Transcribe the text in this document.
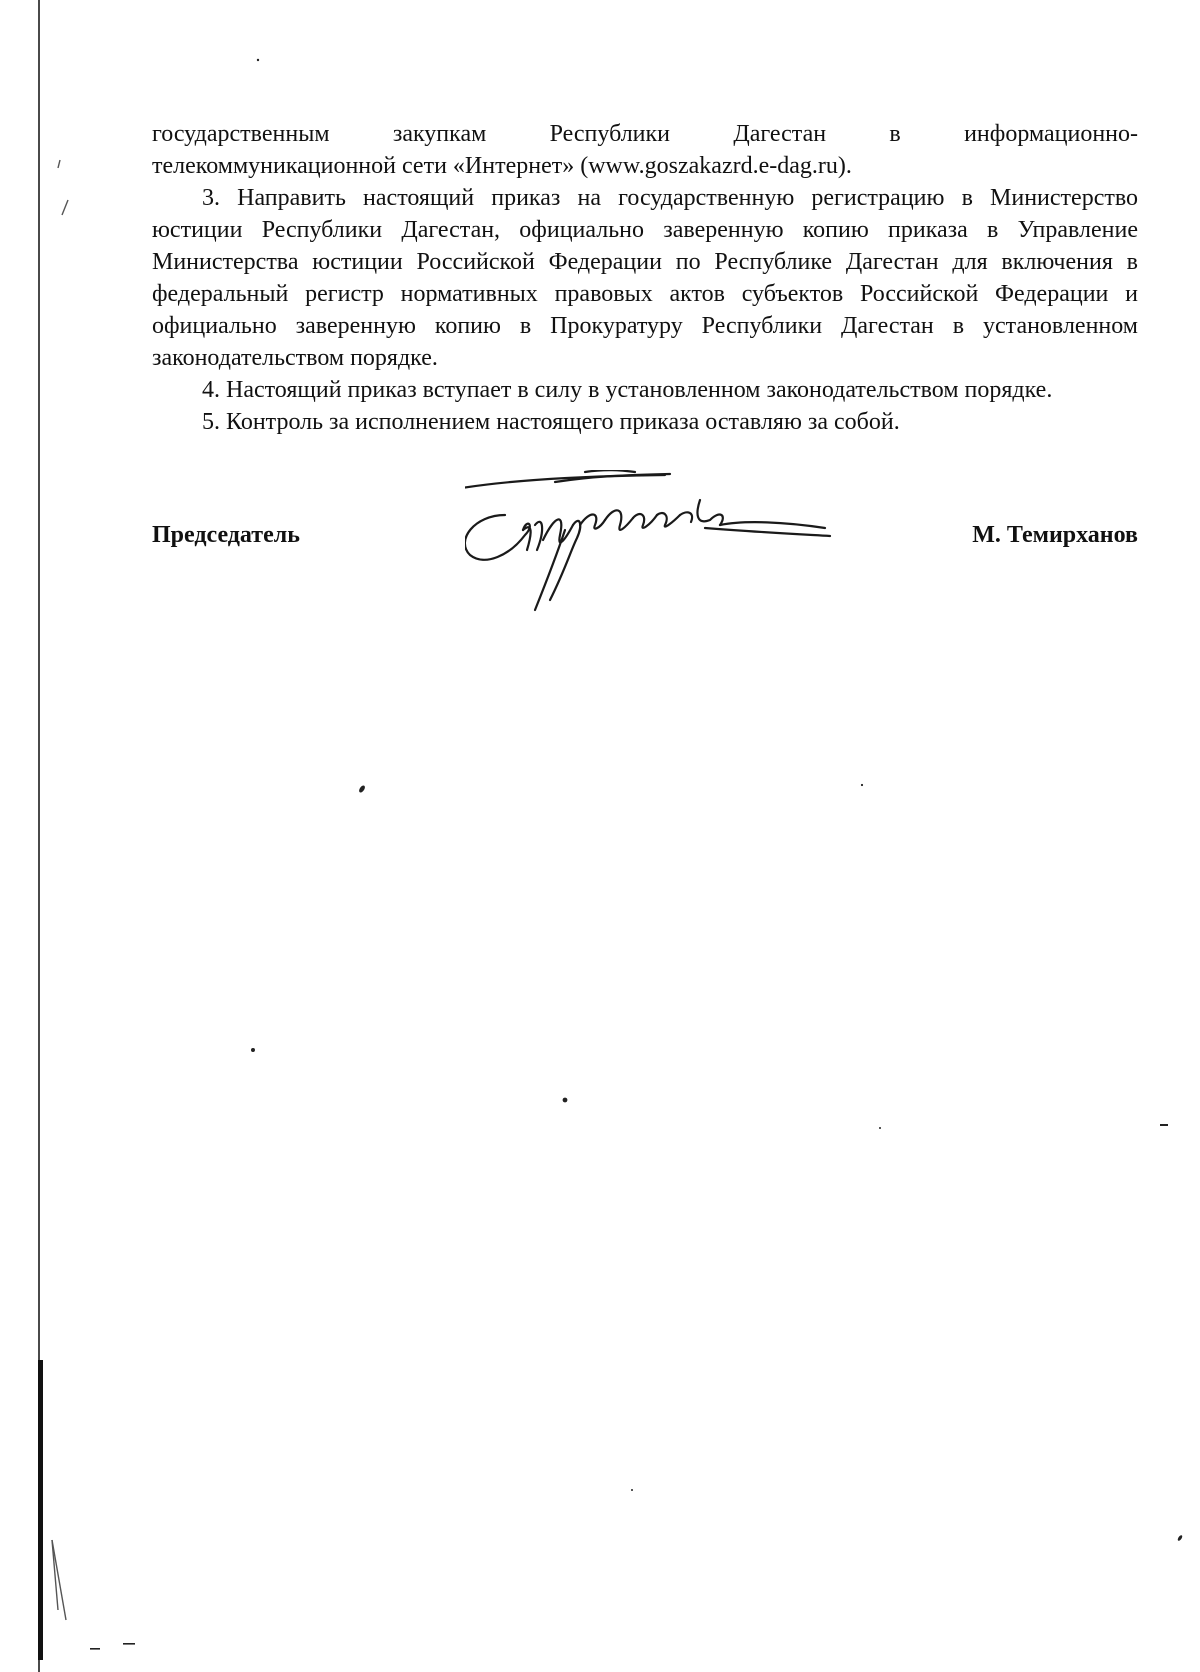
государственным закупкам Республики Дагестан в информационно-

телекоммуникационной сети «Интернет» (www.goszakazrd.e-dag.ru).

3. Направить настоящий приказ на государственную регистрацию в Министерство юстиции Республики Дагестан, официально заверенную копию приказа в Управление Министерства юстиции Российской Федерации по Республике Дагестан для включения в федеральный регистр нормативных правовых актов субъектов Российской Федерации и официально заверенную копию в Прокуратуру Республики Дагестан в установленном законодательством порядке.

4. Настоящий приказ вступает в силу в установленном законодательством порядке.

5. Контроль за исполнением настоящего приказа оставляю за собой.

Председатель	М. Темирханов
